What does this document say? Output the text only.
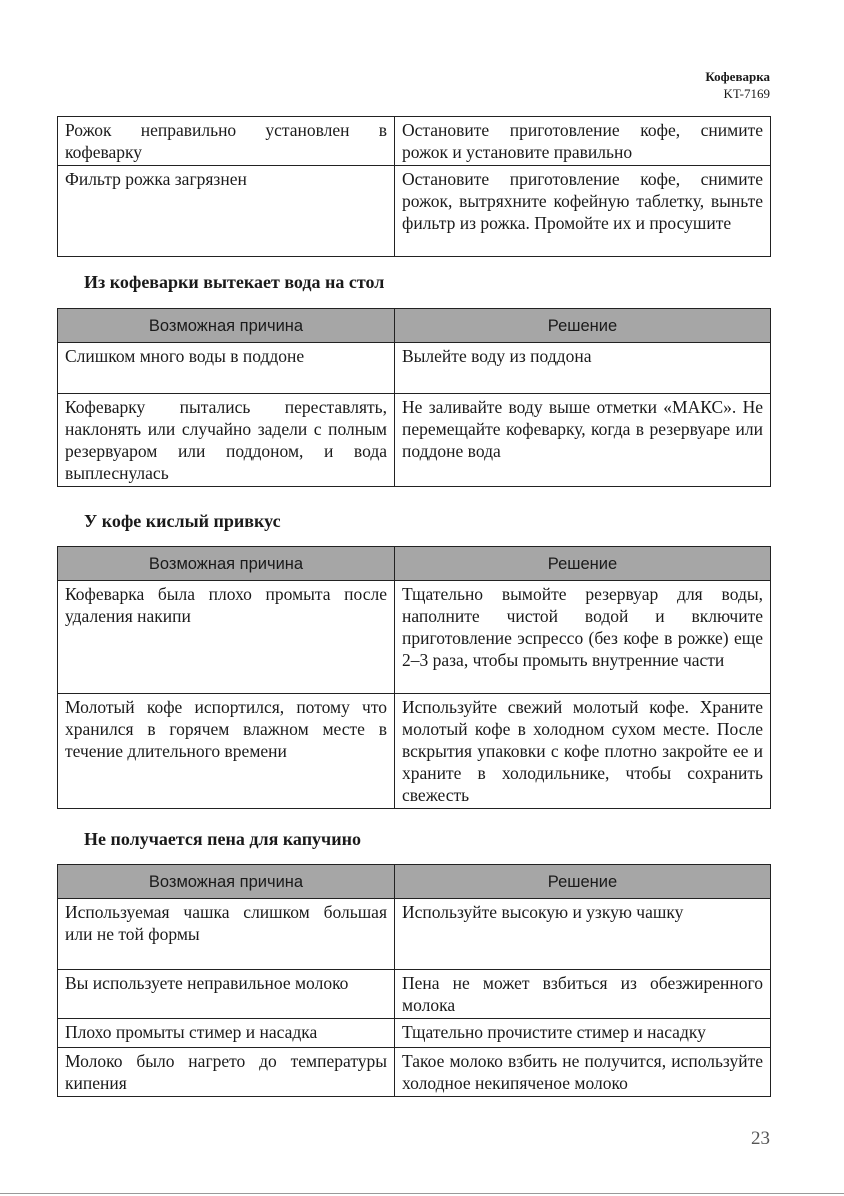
Кофеварка
KT-7169
Рожок неправильно установлен в кофеварку	Остановите приготовление кофе, снимите рожок и установите правильно
Фильтр рожка загрязнен	Остановите приготовление кофе, снимите рожок, вытряхните кофейную таблетку, выньте фильтр из рожка. Промойте их и просушите
Из кофеварки вытекает вода на стол
Возможная причина	Решение
Слишком много воды в поддоне	Вылейте воду из поддона
Кофеварку пытались переставлять, наклонять или случайно задели с полным резервуаром или поддоном, и вода выплеснулась	Не заливайте воду выше отметки «МАКС». Не перемещайте кофеварку, когда в резервуаре или поддоне вода
У кофе кислый привкус
Возможная причина	Решение
Кофеварка была плохо промыта после удаления накипи	Тщательно вымойте резервуар для воды, наполните чистой водой и включите приготовление эспрессо (без кофе в рожке) еще 2–3 раза, чтобы промыть внутренние части
Молотый кофе испортился, потому что хранился в горячем влажном месте в течение длительного времени	Используйте свежий молотый кофе. Храните молотый кофе в холодном сухом месте. После вскрытия упаковки с кофе плотно закройте ее и храните в холодильнике, чтобы сохранить свежесть
Не получается пена для капучино
Возможная причина	Решение
Используемая чашка слишком большая или не той формы	Используйте высокую и узкую чашку
Вы используете неправильное молоко	Пена не может взбиться из обезжиренного молока
Плохо промыты стимер и насадка	Тщательно прочистите стимер и насадку
Молоко было нагрето до температуры кипения	Такое молоко взбить не получится, используйте холодное некипяченое молоко
23
